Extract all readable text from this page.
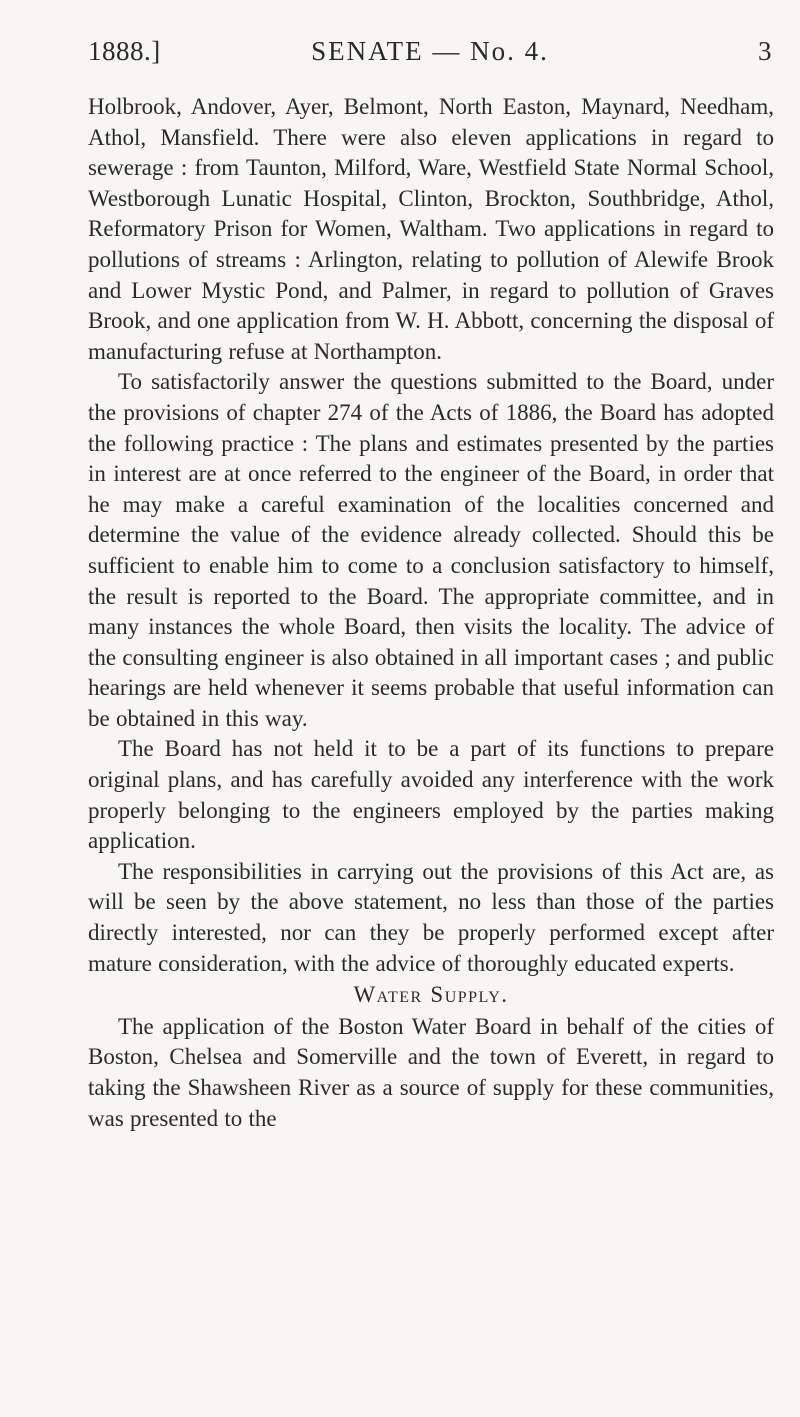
1888.]	SENATE — No. 4.	3

Holbrook, Andover, Ayer, Belmont, North Easton, Maynard, Needham, Athol, Mansfield. There were also eleven applications in regard to sewerage : from Taunton, Milford, Ware, Westfield State Normal School, Westborough Lunatic Hospital, Clinton, Brockton, Southbridge, Athol, Reformatory Prison for Women, Waltham. Two applications in regard to pollutions of streams : Arlington, relating to pollution of Alewife Brook and Lower Mystic Pond, and Palmer, in regard to pollution of Graves Brook, and one application from W. H. Abbott, concerning the disposal of manufacturing refuse at Northampton.

To satisfactorily answer the questions submitted to the Board, under the provisions of chapter 274 of the Acts of 1886, the Board has adopted the following practice : The plans and estimates presented by the parties in interest are at once referred to the engineer of the Board, in order that he may make a careful examination of the localities concerned and determine the value of the evidence already collected. Should this be sufficient to enable him to come to a conclusion satisfactory to himself, the result is reported to the Board. The appropriate committee, and in many instances the whole Board, then visits the locality. The advice of the consulting engineer is also obtained in all important cases ; and public hearings are held whenever it seems probable that useful information can be obtained in this way.

The Board has not held it to be a part of its functions to prepare original plans, and has carefully avoided any interference with the work properly belonging to the engineers employed by the parties making application.

The responsibilities in carrying out the provisions of this Act are, as will be seen by the above statement, no less than those of the parties directly interested, nor can they be properly performed except after mature consideration, with the advice of thoroughly educated experts.

Water Supply.

The application of the Boston Water Board in behalf of the cities of Boston, Chelsea and Somerville and the town of Everett, in regard to taking the Shawsheen River as a source of supply for these communities, was presented to the
